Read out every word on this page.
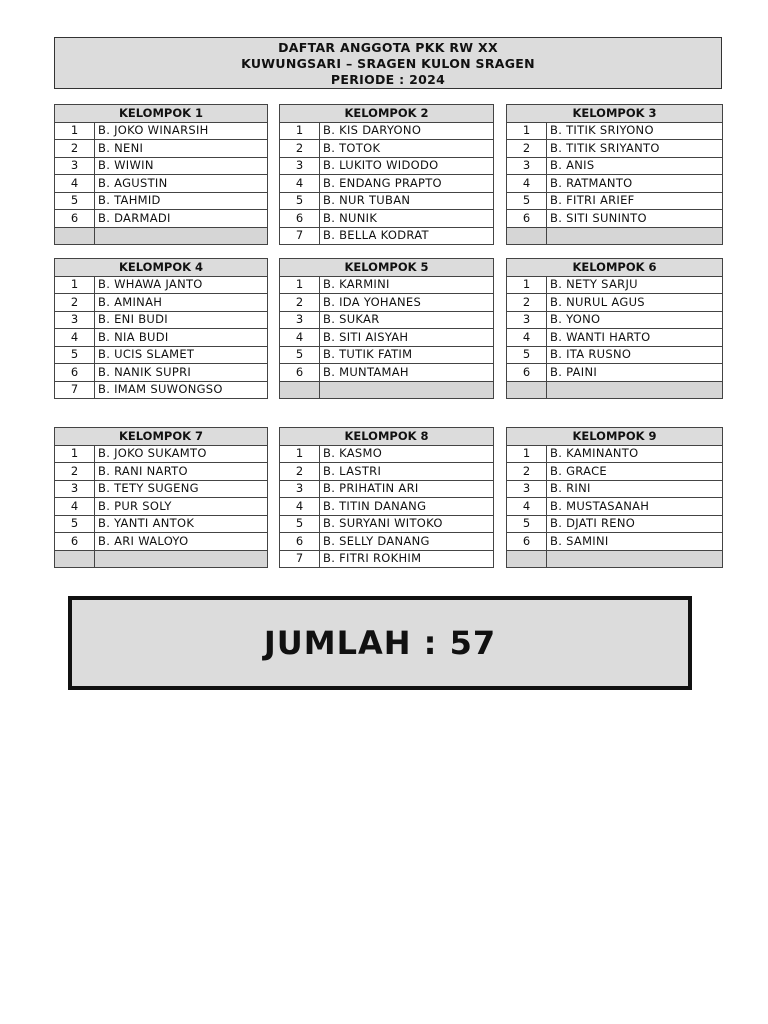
DAFTAR ANGGOTA PKK RW XX
KUWUNGSARI – SRAGEN KULON SRAGEN
PERIODE : 2024
KELOMPOK 1	
1	B. JOKO WINARSIH
2	B. NENI
3	B. WIWIN
4	B. AGUSTIN
5	B. TAHMID
6	B. DARMADI

KELOMPOK 2	
1	B. KIS DARYONO
2	B. TOTOK
3	B. LUKITO WIDODO
4	B. ENDANG PRAPTO
5	B. NUR TUBAN
6	B. NUNIK
7	B. BELLA KODRAT
KELOMPOK 3	
1	B. TITIK SRIYONO
2	B. TITIK SRIYANTO
3	B. ANIS
4	B. RATMANTO
5	B. FITRI ARIEF
6	B. SITI SUNINTO

KELOMPOK 4	
1	B. WHAWA JANTO
2	B. AMINAH
3	B. ENI BUDI
4	B. NIA BUDI
5	B. UCIS SLAMET
6	B. NANIK SUPRI
7	B. IMAM SUWONGSO
KELOMPOK 5	
1	B. KARMINI
2	B. IDA YOHANES
3	B. SUKAR
4	B. SITI AISYAH
5	B. TUTIK FATIM
6	B. MUNTAMAH

KELOMPOK 6	
1	B. NETY SARJU
2	B. NURUL AGUS
3	B. YONO
4	B. WANTI HARTO
5	B. ITA RUSNO
6	B. PAINI

KELOMPOK 7	
1	B. JOKO SUKAMTO
2	B. RANI NARTO
3	B. TETY SUGENG
4	B. PUR SOLY
5	B. YANTI ANTOK
6	B. ARI WALOYO

KELOMPOK 8	
1	B. KASMO
2	B. LASTRI
3	B. PRIHATIN ARI
4	B. TITIN DANANG
5	B. SURYANI WITOKO
6	B. SELLY DANANG
7	B. FITRI ROKHIM
KELOMPOK 9	
1	B. KAMINANTO
2	B. GRACE
3	B. RINI
4	B. MUSTASANAH
5	B. DJATI RENO
6	B. SAMINI

JUMLAH : 57
